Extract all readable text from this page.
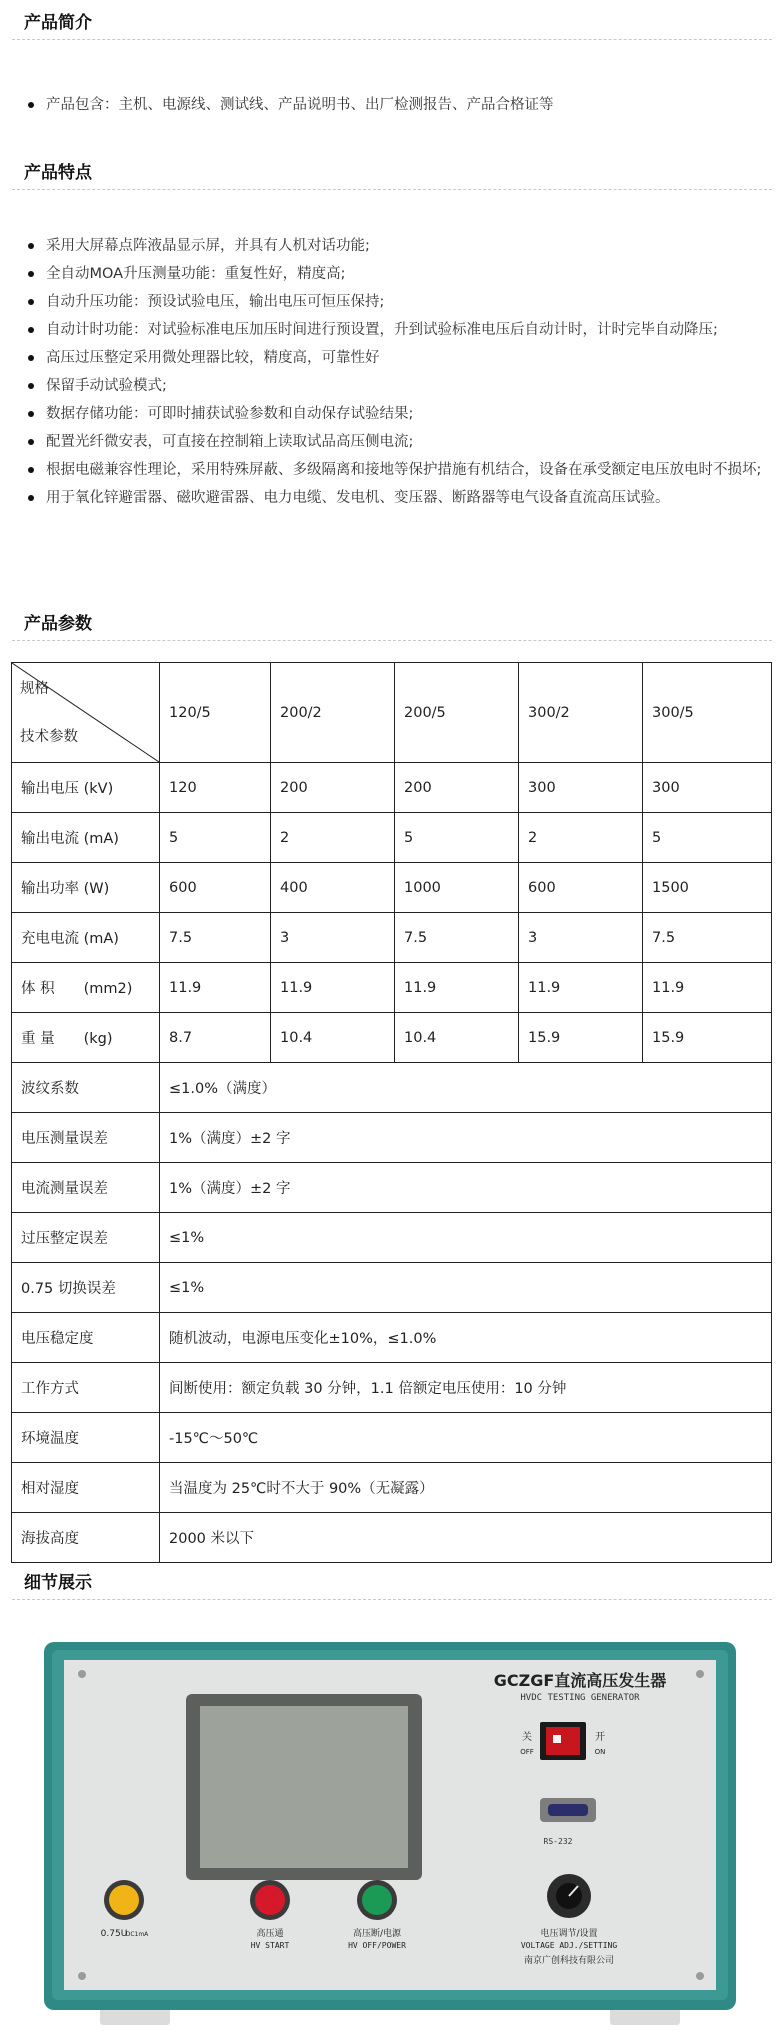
产品简介
产品包含：主机、电源线、测试线、产品说明书、出厂检测报告、产品合格证等
产品特点
采用大屏幕点阵液晶显示屏，并具有人机对话功能;
全自动MOA升压测量功能：重复性好，精度高;
自动升压功能：预设试验电压，输出电压可恒压保持;
自动计时功能：对试验标准电压加压时间进行预设置，升到试验标准电压后自动计时，计时完毕自动降压;
高压过压整定采用微处理器比较，精度高，可靠性好
保留手动试验模式;
数据存储功能：可即时捕获试验参数和自动保存试验结果;
配置光纤微安表，可直接在控制箱上读取试品高压侧电流;
根据电磁兼容性理论，采用特殊屏蔽、多级隔离和接地等保护措施有机结合，设备在承受额定电压放电时不损坏;
用于氧化锌避雷器、磁吹避雷器、电力电缆、发电机、变压器、断路器等电气设备直流高压试验。
产品参数
规格
技术参数	120/5	200/2	200/5	300/2	300/5
输出电压 (kV)	120	200	200	300	300
输出电流 (mA)	5	2	5	2	5
输出功率 (W)	600	400	1000	600	1500
充电电流 (mA)	7.5	3	7.5	3	7.5
体 积　　(mm2)	11.9	11.9	11.9	11.9	11.9
重 量　　(kg)	8.7	10.4	10.4	15.9	15.9
波纹系数	≤1.0%（满度）				
电压测量误差	1%（满度）±2 字				
电流测量误差	1%（满度）±2 字				
过压整定误差	≤1%				
0.75 切换误差	≤1%				
电压稳定度	随机波动，电源电压变化±10%，≤1.0%				
工作方式	间断使用：额定负载 30 分钟，1.1 倍额定电压使用：10 分钟				
环境温度	-15℃～50℃				
相对湿度	当温度为 25℃时不大于 90%（无凝露）				
海拔高度	2000 米以下				
细节展示
GCZGF直流高压发生器
HVDC TESTING GENERATOR
关
OFF
开
ON
RS-232
电压调节/设置
VOLTAGE ADJ./SETTING
南京广创科技有限公司
0.75U
DC1mA	高压通
HV START
高压断/电源
HV OFF/POWER
